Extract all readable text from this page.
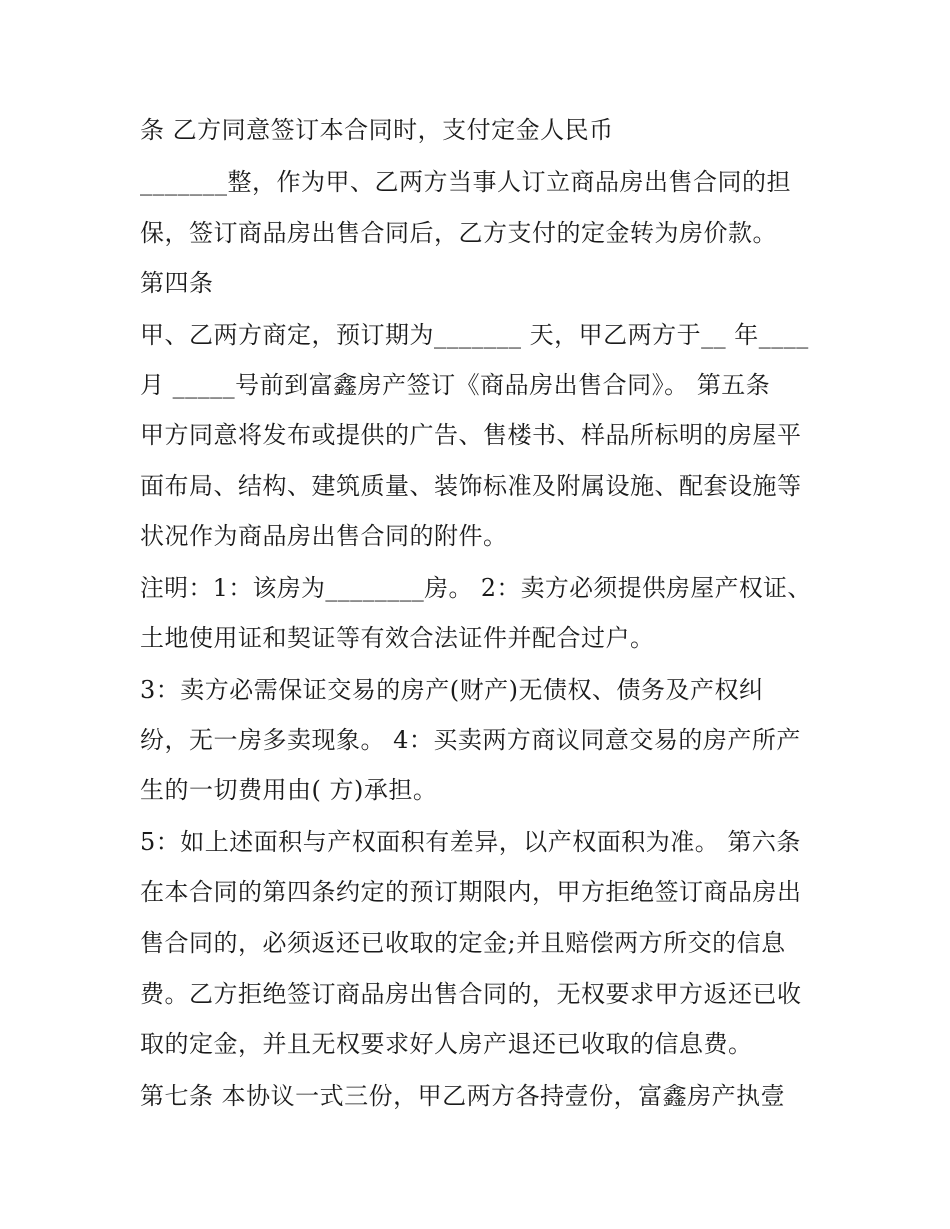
条 乙方同意签订本合同时，支付定金人民币
_______整，作为甲、乙两方当事人订立商品房出售合同的担
保，签订商品房出售合同后，乙方支付的定金转为房价款。
第四条
甲、乙两方商定，预订期为_______ 天，甲乙两方于__ 年____
月 _____号前到富鑫房产签订《商品房出售合同》。 第五条
甲方同意将发布或提供的广告、售楼书、样品所标明的房屋平
面布局、结构、建筑质量、装饰标准及附属设施、配套设施等
状况作为商品房出售合同的附件。
注明：1：该房为________房。 2：卖方必须提供房屋产权证、
土地使用证和契证等有效合法证件并配合过户。
3：卖方必需保证交易的房产(财产)无债权、债务及产权纠
纷，无一房多卖现象。 4：买卖两方商议同意交易的房产所产
生的一切费用由( 方)承担。
5：如上述面积与产权面积有差异，以产权面积为准。 第六条
在本合同的第四条约定的预订期限内，甲方拒绝签订商品房出
售合同的，必须返还已收取的定金;并且赔偿两方所交的信息
费。乙方拒绝签订商品房出售合同的，无权要求甲方返还已收
取的定金，并且无权要求好人房产退还已收取的信息费。
第七条 本协议一式三份，甲乙两方各持壹份，富鑫房产执壹
